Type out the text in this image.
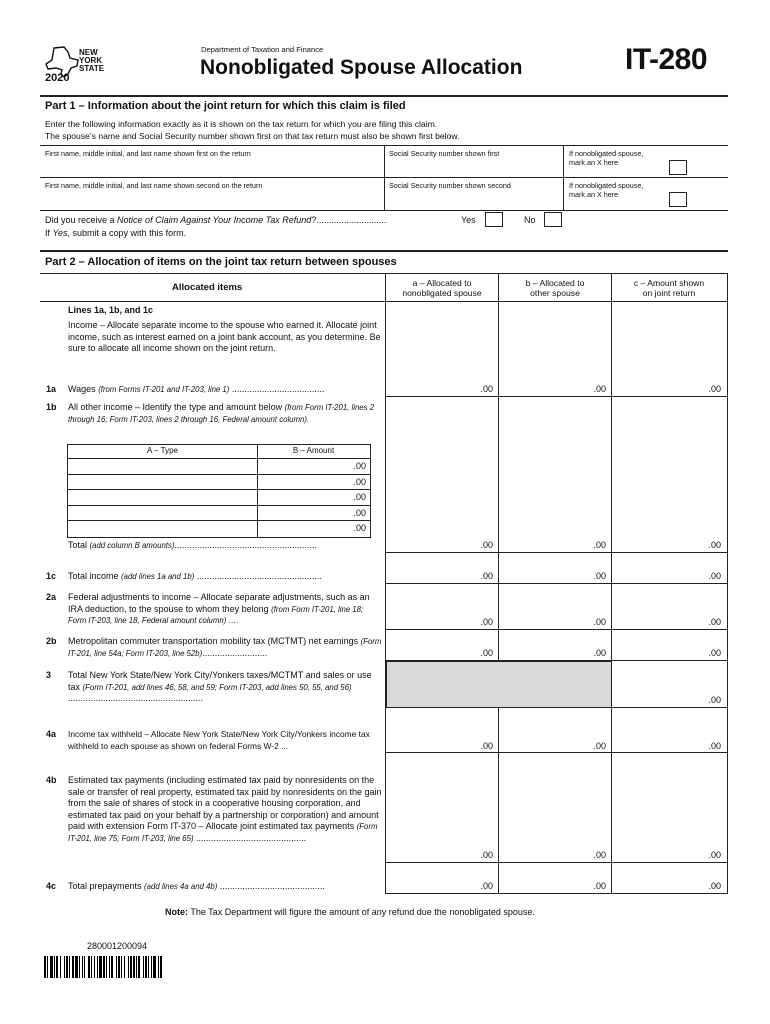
NEW
YORK
STATE
2020
Department of Taxation and Finance
Nonobligated Spouse Allocation	IT-280
Part 1 – Information about the joint return for which this claim is filed
Enter the following information exactly as it is shown on the tax return for which you are filing this claim.
The spouse’s name and Social Security number shown first on that tax return must also be shown first below.
First name, middle initial, and last name shown first on the return	Social Security number shown first	If nonobligated spouse,
mark an X here
First name, middle initial, and last name shown second on the return	Social Security number shown second	If nonobligated spouse,
mark an X here
Did you receive a Notice of Claim Against Your Income Tax Refund?............................	Yes	No
If Yes, submit a copy with this form.
Part 2 – Allocation of items on the joint tax return between spouses
Allocated items	a – Allocated to
nonobligated spouse
b – Allocated to
other spouse
c – Amount shown
on joint return
Lines 1a, 1b, and 1c
Income – Allocate separate income to the spouse who earned it. Allocate joint income, such as interest earned on a joint bank account, as you determine. Be sure to allocate all income shown on the joint return.
1a Wages (from Forms IT-201 and IT-203, line 1) .....................................	.00	.00	.00
1b All other income – Identify the type and amount below (from Form IT-201, lines 2 through 16; Form IT-203, lines 2 through 16, Federal amount column).
A – Type	B – Amount
.00
.00
.00
.00
.00
Total (add column B amounts).........................................................	.00	.00	.00
1c Total income (add lines 1a and 1b) ..................................................	.00	.00	.00
2a Federal adjustments to income – Allocate separate adjustments, such as an IRA deduction, to the spouse to whom they belong (from Form IT-201, line 18; Form IT-203, line 18, Federal amount column) ….	.00	.00	.00
2b Metropolitan commuter transportation mobility tax (MCTMT) net earnings (Form IT-201, line 54a; Form IT-203, line 52b)..........................	.00	.00	.00
3 Total New York State/New York City/Yonkers taxes/MCTMT and sales or use tax (Form IT-201, add lines 46, 58, and 59; Form IT-203, add lines 50, 55, and 56) ......................................................	.00
4a Income tax withheld – Allocate New York State/New York City/Yonkers income tax withheld to each spouse as shown on federal Forms W-2 ...	.00	.00	.00
4b Estimated tax payments (including estimated tax paid by nonresidents on the sale or transfer of real property, estimated tax paid by nonresidents on the gain from the sale of shares of stock in a cooperative housing corporation, and estimated tax paid on your behalf by a partnership or corporation) and amount paid with extension Form IT-370 – Allocate joint estimated tax payments (Form IT-201, line 75; Form IT-203, line 65) ............................................
.00	.00	.00
4c Total prepayments (add lines 4a and 4b) ..........................................	.00	.00	.00
Note: The Tax Department will figure the amount of any refund due the nonobligated spouse.
280001200094
